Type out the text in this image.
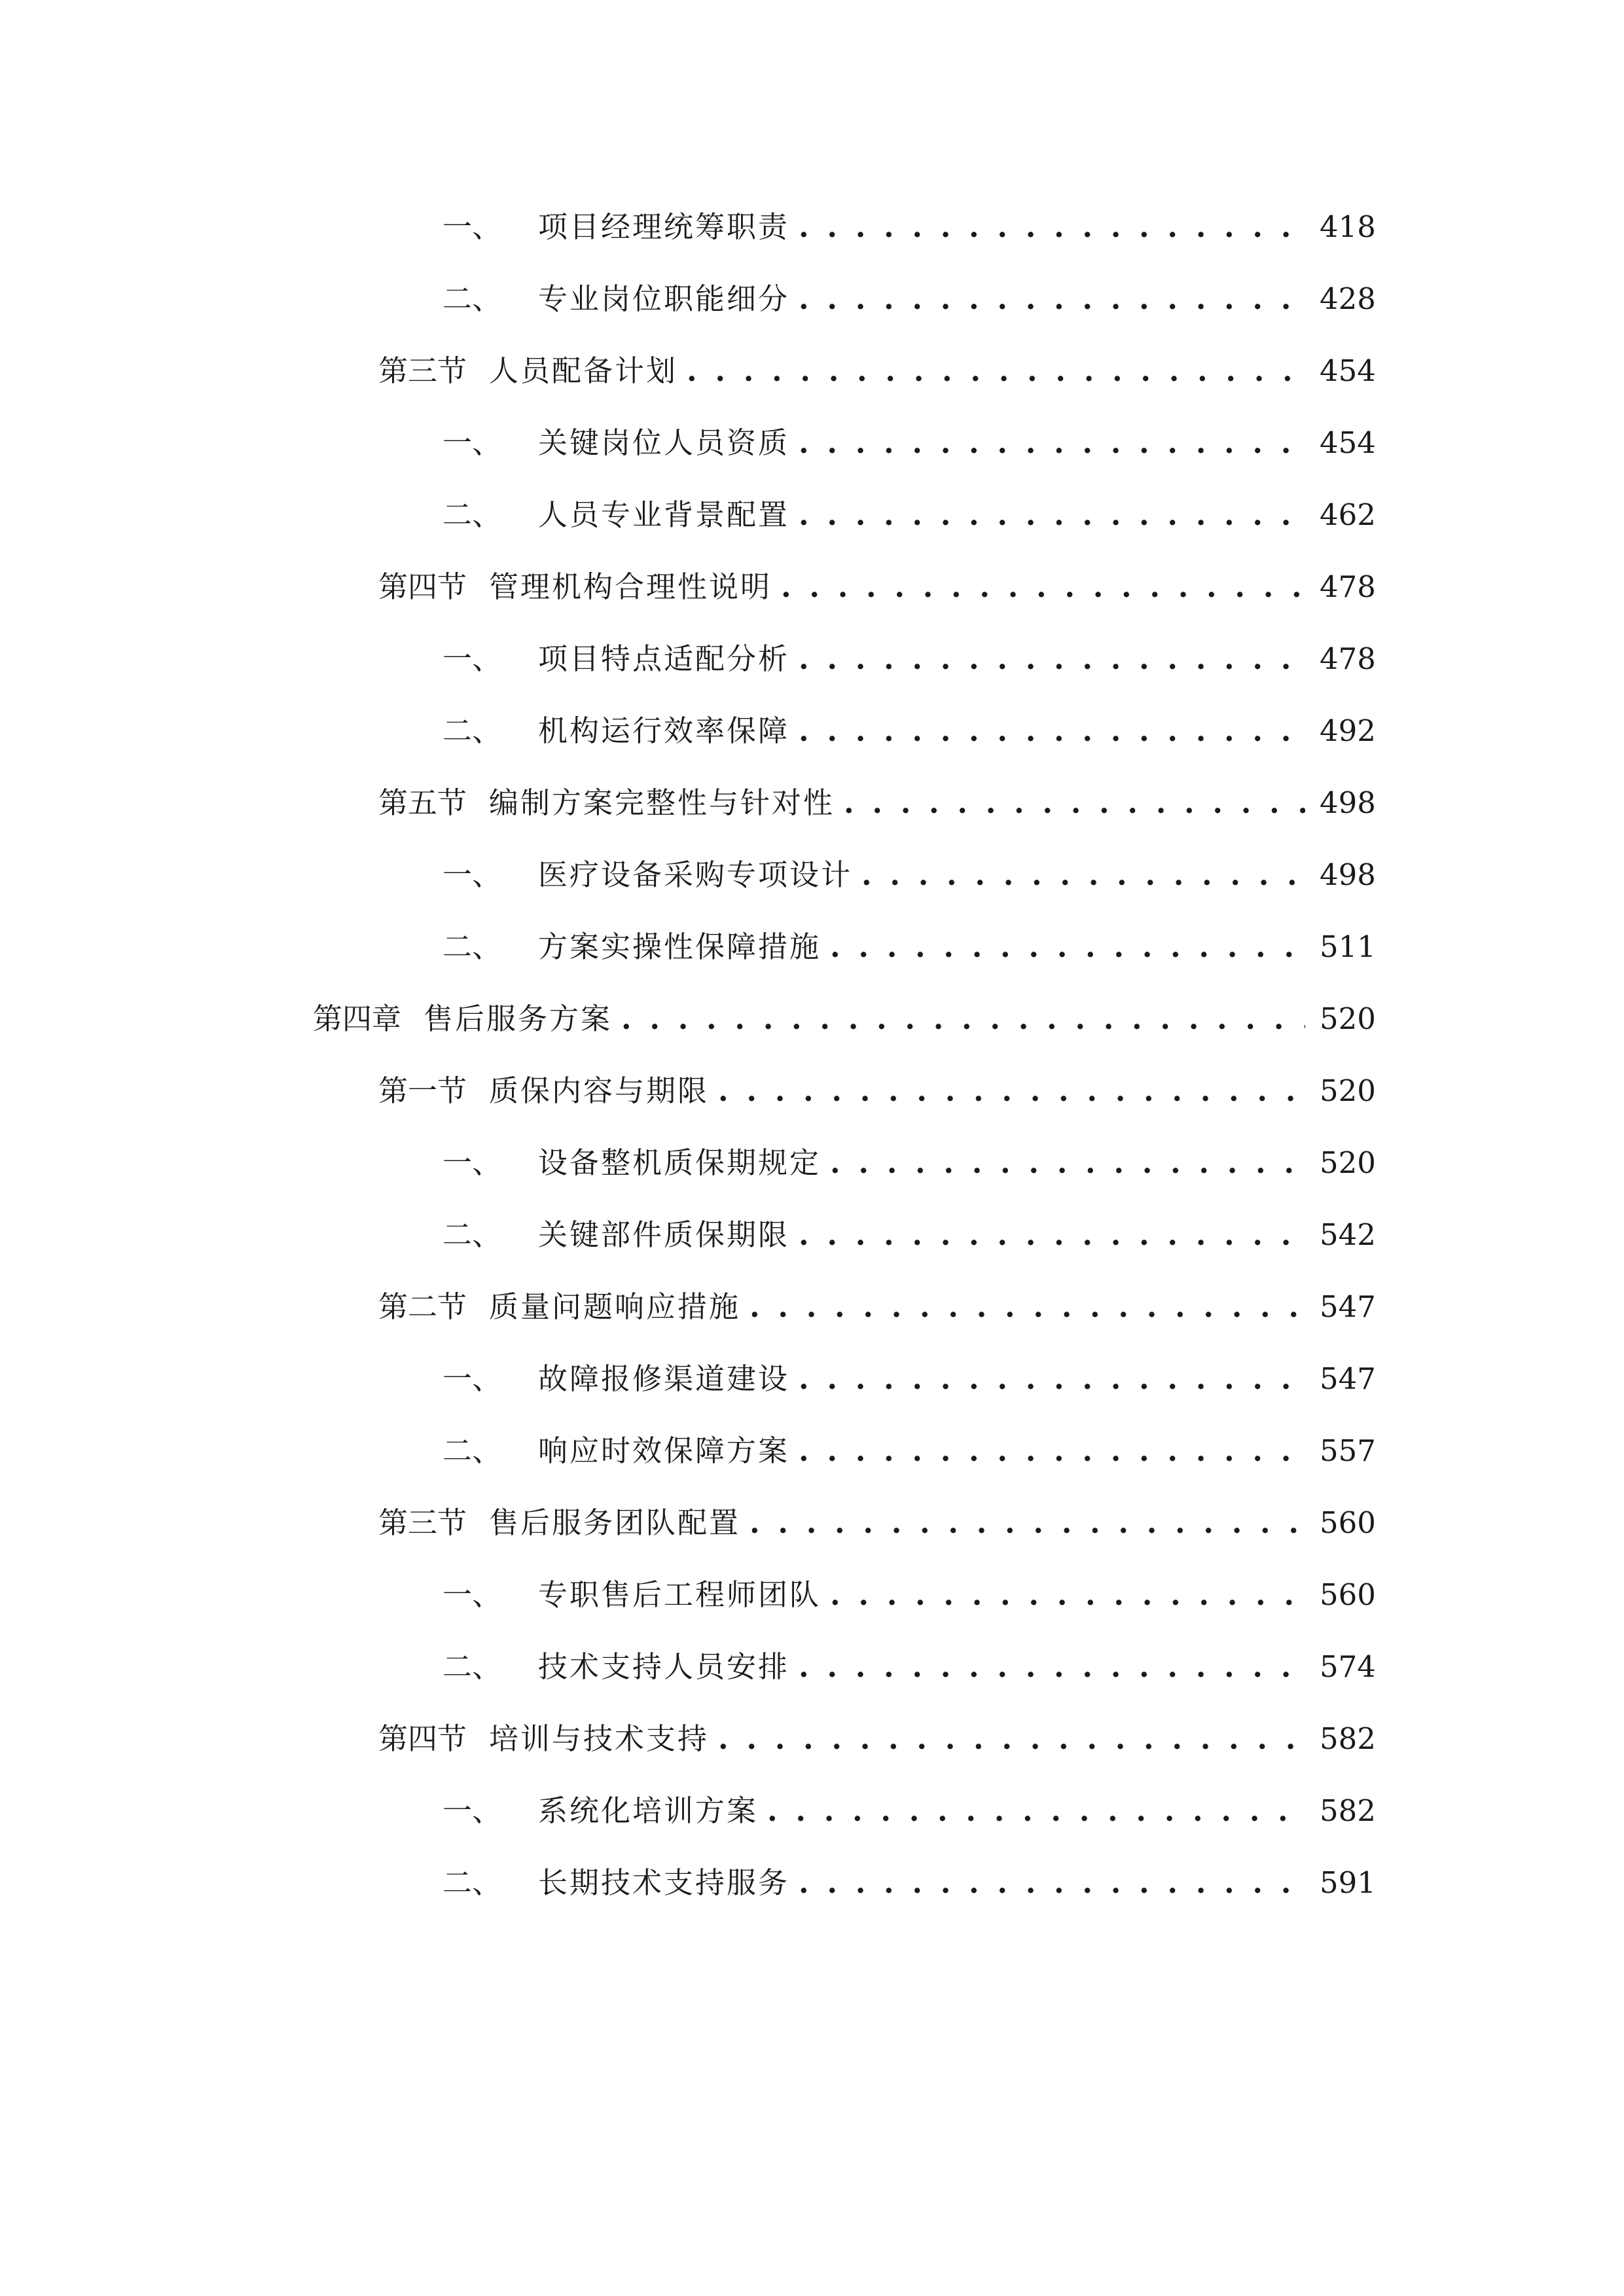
一、 项目经理统筹职责 . . .	418
二、 专业岗位职能细分 . . .	428
第三节 人员配备计划 . . .	454
一、 关键岗位人员资质 . . .	454
二、 人员专业背景配置 . . .	462
第四节 管理机构合理性说明 . . .	478
一、 项目特点适配分析 . . .	478
二、 机构运行效率保障 . . .	492
第五节 编制方案完整性与针对性 . . .	498
一、 医疗设备采购专项设计 . . .	498
二、 方案实操性保障措施 . . .	511
第四章 售后服务方案 . . .	520
第一节 质保内容与期限 . . .	520
一、 设备整机质保期规定 . . .	520
二、 关键部件质保期限 . . .	542
第二节 质量问题响应措施 . . .	547
一、 故障报修渠道建设 . . .	547
二、 响应时效保障方案 . . .	557
第三节 售后服务团队配置 . . .	560
一、 专职售后工程师团队 . . .	560
二、 技术支持人员安排 . . .	574
第四节 培训与技术支持 . . .	582
一、 系统化培训方案 . . .	582
二、 长期技术支持服务 . . .	591
